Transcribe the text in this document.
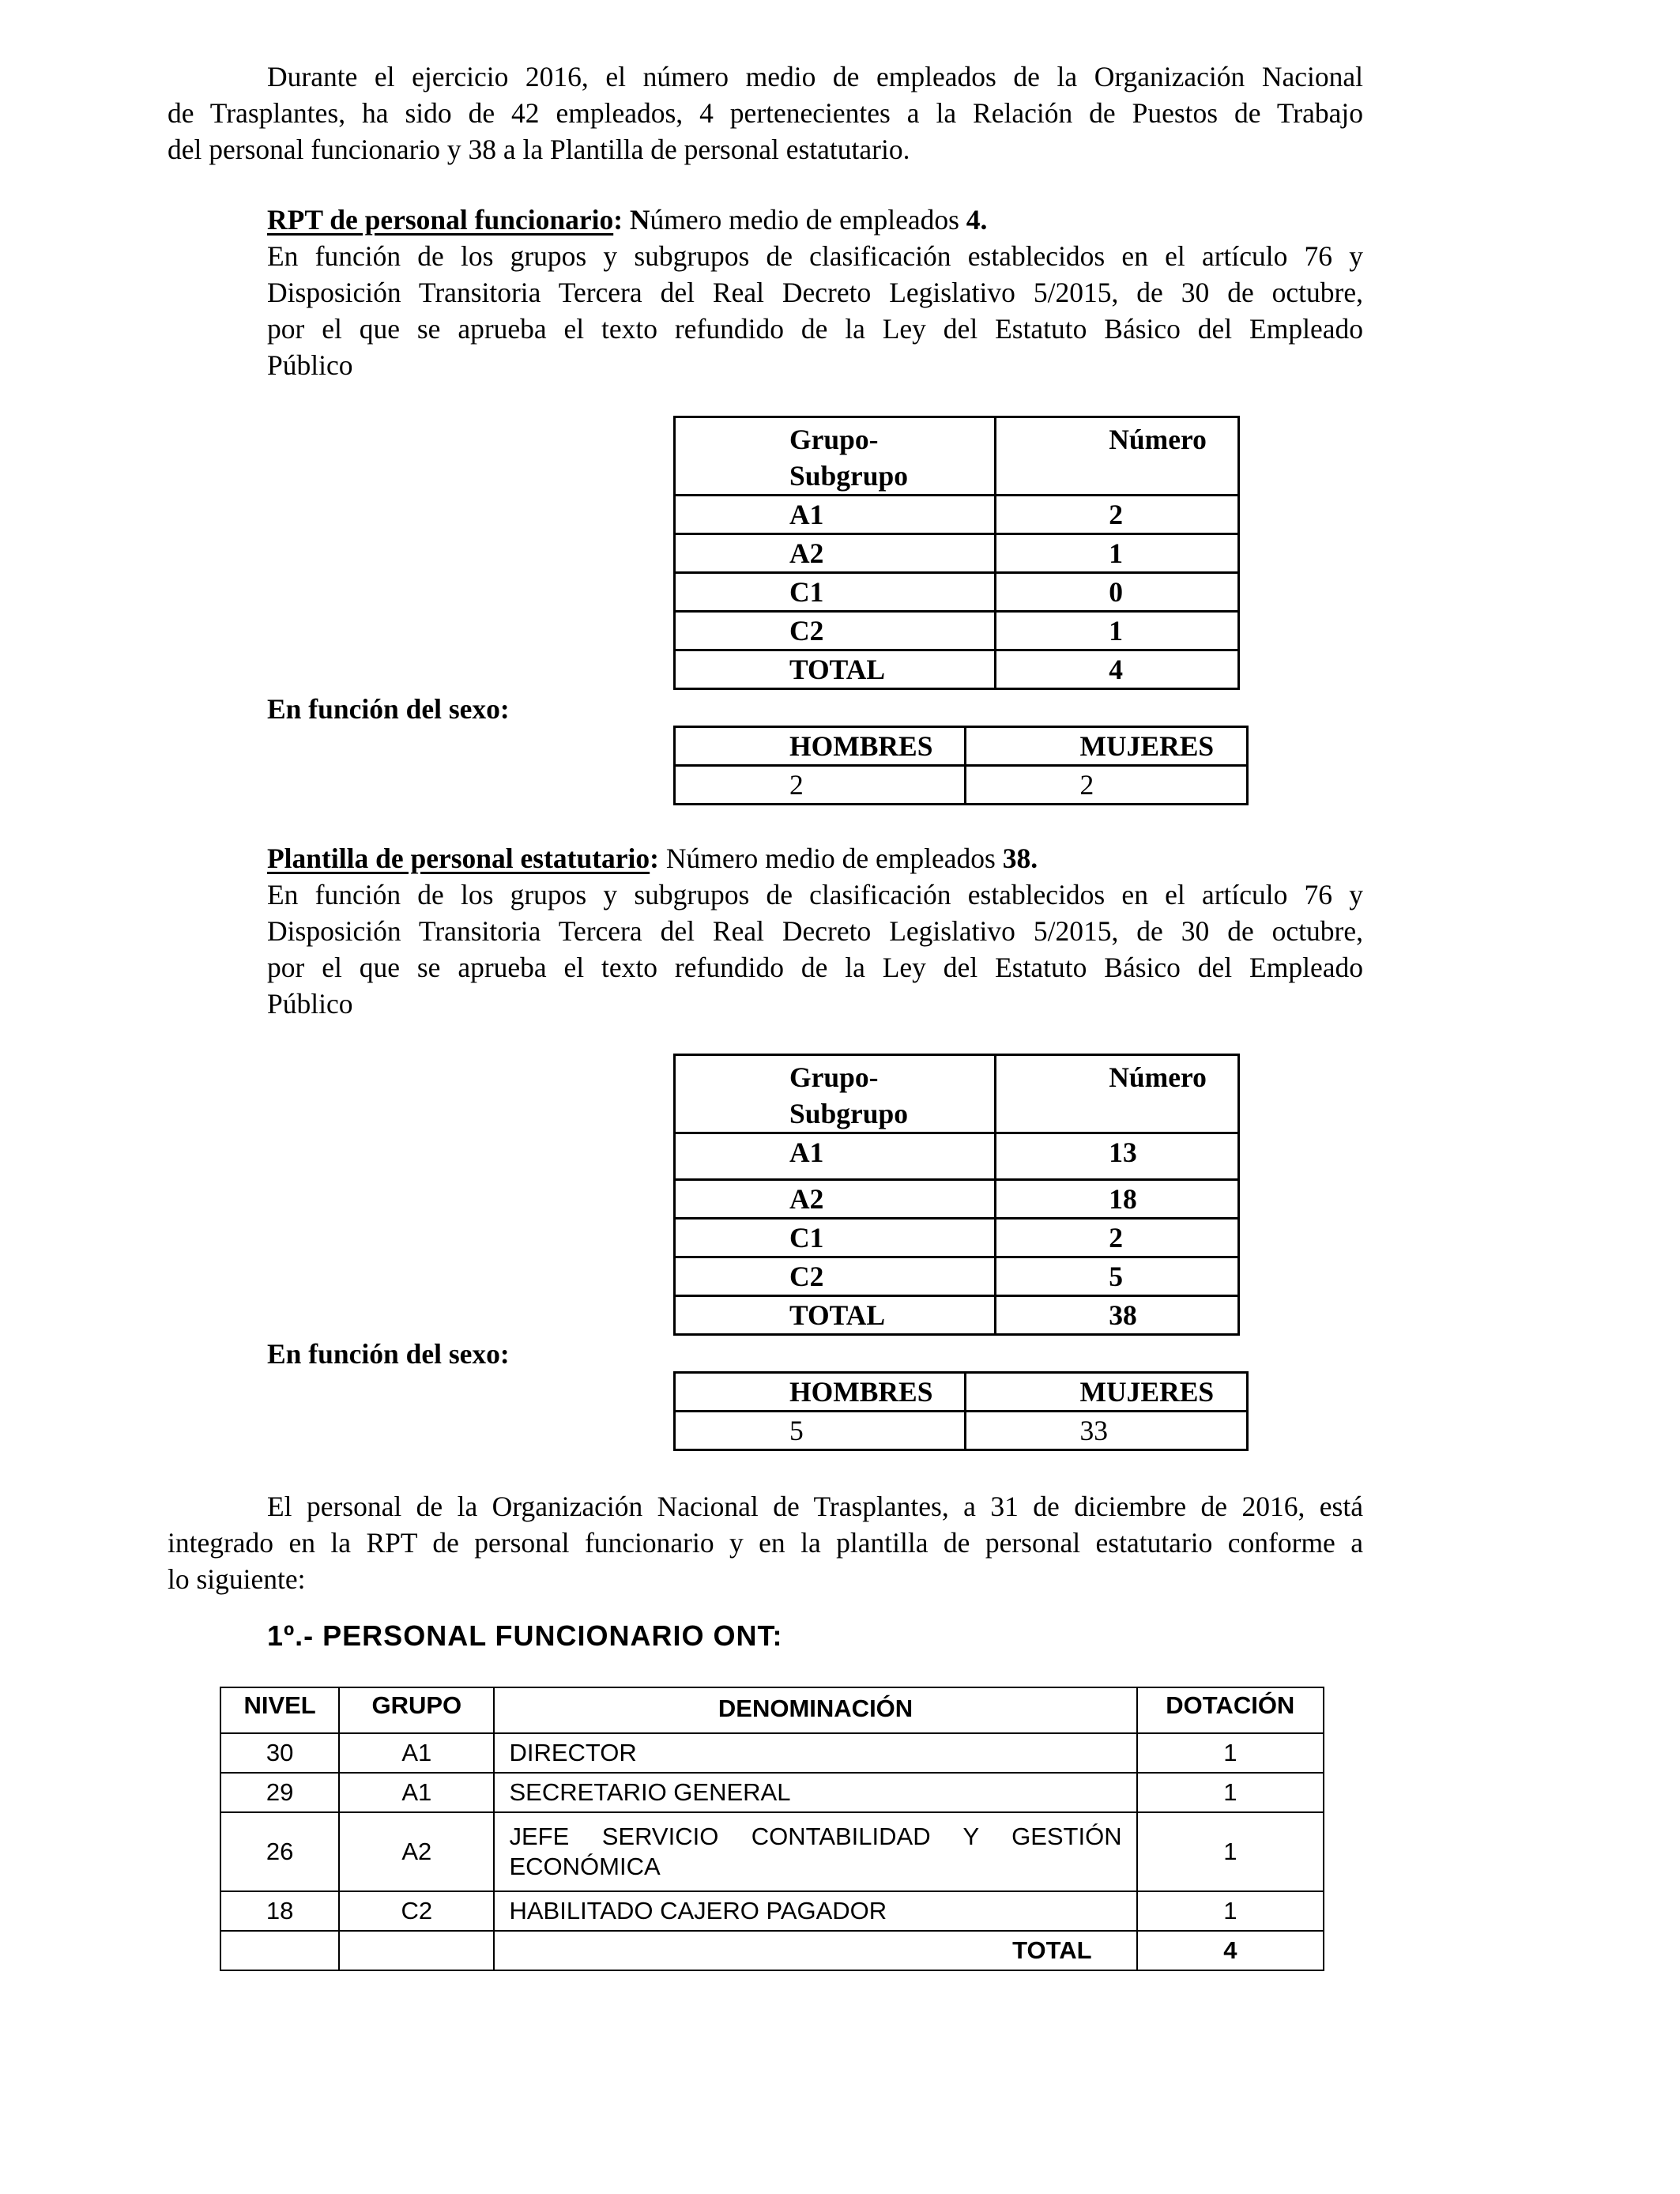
Durante el ejercicio 2016, el número medio de empleados de la Organización Nacional
de Trasplantes, ha sido de 42 empleados, 4 pertenecientes a la Relación de Puestos de Trabajo
del personal funcionario y 38 a la Plantilla de personal estatutario.
RPT de personal funcionario: Número medio de empleados 4.
En función de los grupos y subgrupos de clasificación establecidos en el artículo 76 y
Disposición Transitoria Tercera del Real Decreto Legislativo 5/2015, de 30 de octubre,
por el que se aprueba el texto refundido de la Ley del Estatuto Básico del Empleado
Público
Grupo-
Subgrupo	Número

A1	2

A2	1

C1	0

C2	1

TOTAL	4
En función del sexo:
HOMBRES	MUJERES

2	2
Plantilla de personal estatutario: Número medio de empleados 38.
En función de los grupos y subgrupos de clasificación establecidos en el artículo 76 y
Disposición Transitoria Tercera del Real Decreto Legislativo 5/2015, de 30 de octubre,
por el que se aprueba el texto refundido de la Ley del Estatuto Básico del Empleado
Público
Grupo-
Subgrupo	Número

A1	13

A2	18

C1	2

C2	5

TOTAL	38
En función del sexo:
HOMBRES	MUJERES

5	33
El personal de la Organización Nacional de Trasplantes, a 31 de diciembre de 2016, está
integrado en la RPT de personal funcionario y en la plantilla de personal estatutario conforme a
lo siguiente:
1º.- PERSONAL FUNCIONARIO ONT:
NIVEL	GRUPO	DENOMINACIÓN	DOTACIÓN
30	A1	DIRECTOR	1
29	A1	SECRETARIO GENERAL	1
26	A2	JEFE SERVICIO CONTABILIDAD Y GESTIÓN
ECONÓMICA	1
18	C2	HABILITADO CAJERO PAGADOR	1
		TOTAL	4
